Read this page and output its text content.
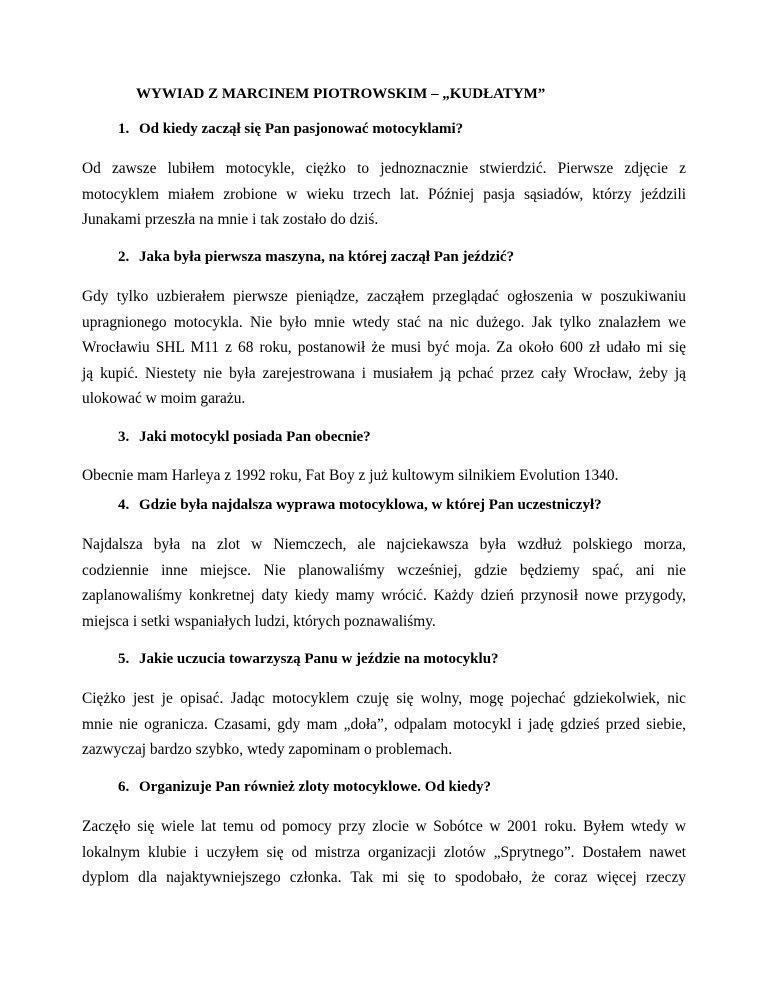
WYWIAD Z MARCINEM PIOTROWSKIM – „KUDŁATYM”
1. Od kiedy zaczął się Pan pasjonować motocyklami?
Od zawsze lubiłem motocykle, ciężko to jednoznacznie stwierdzić. Pierwsze zdjęcie z
motocyklem miałem zrobione w wieku trzech lat. Później pasja sąsiadów, którzy jeździli
Junakami przeszła na mnie i tak zostało do dziś.
2. Jaka była pierwsza maszyna, na której zaczął Pan jeździć?
Gdy tylko uzbierałem pierwsze pieniądze, zacząłem przeglądać ogłoszenia w poszukiwaniu
upragnionego motocykla. Nie było mnie wtedy stać na nic dużego. Jak tylko znalazłem we
Wrocławiu SHL M11 z 68 roku, postanowił że musi być moja. Za około 600 zł udało mi się
ją kupić. Niestety nie była zarejestrowana i musiałem ją pchać przez cały Wrocław, żeby ją
ulokować w moim garażu.
3. Jaki motocykl posiada Pan obecnie?
Obecnie mam Harleya z 1992 roku, Fat Boy z już kultowym silnikiem Evolution 1340.
4. Gdzie była najdalsza wyprawa motocyklowa, w której Pan uczestniczył?
Najdalsza była na zlot w Niemczech, ale najciekawsza była wzdłuż polskiego morza,
codziennie inne miejsce. Nie planowaliśmy wcześniej, gdzie będziemy spać, ani nie
zaplanowaliśmy konkretnej daty kiedy mamy wrócić. Każdy dzień przynosił nowe przygody,
miejsca i setki wspaniałych ludzi, których poznawaliśmy.
5. Jakie uczucia towarzyszą Panu w jeździe na motocyklu?
Ciężko jest je opisać. Jadąc motocyklem czuję się wolny, mogę pojechać gdziekolwiek, nic
mnie nie ogranicza. Czasami, gdy mam „doła”, odpalam motocykl i jadę gdzieś przed siebie,
zazwyczaj bardzo szybko, wtedy zapominam o problemach.
6. Organizuje Pan również zloty motocyklowe. Od kiedy?
Zaczęło się wiele lat temu od pomocy przy zlocie w Sobótce w 2001 roku. Byłem wtedy w
lokalnym klubie i uczyłem się od mistrza organizacji zlotów „Sprytnego”. Dostałem nawet
dyplom dla najaktywniejszego członka. Tak mi się to spodobało, że coraz więcej rzeczy
